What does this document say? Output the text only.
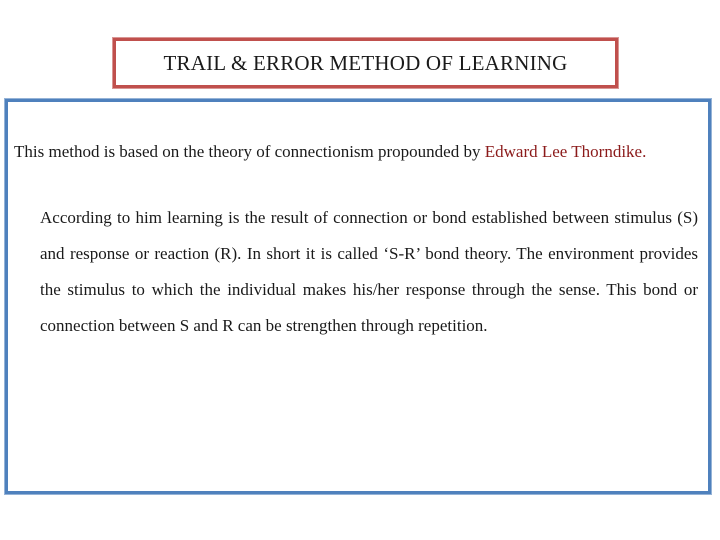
TRAIL & ERROR METHOD OF LEARNING

This method is based on the theory of connectionism propounded by Edward Lee Thorndike.

According to him learning is the result of connection or bond established between stimulus (S) and response or reaction (R). In short it is called ‘S-R’ bond theory. The environment provides the stimulus to which the individual makes his/her response through the sense. This bond or connection between S and R can be strengthen through repetition.
